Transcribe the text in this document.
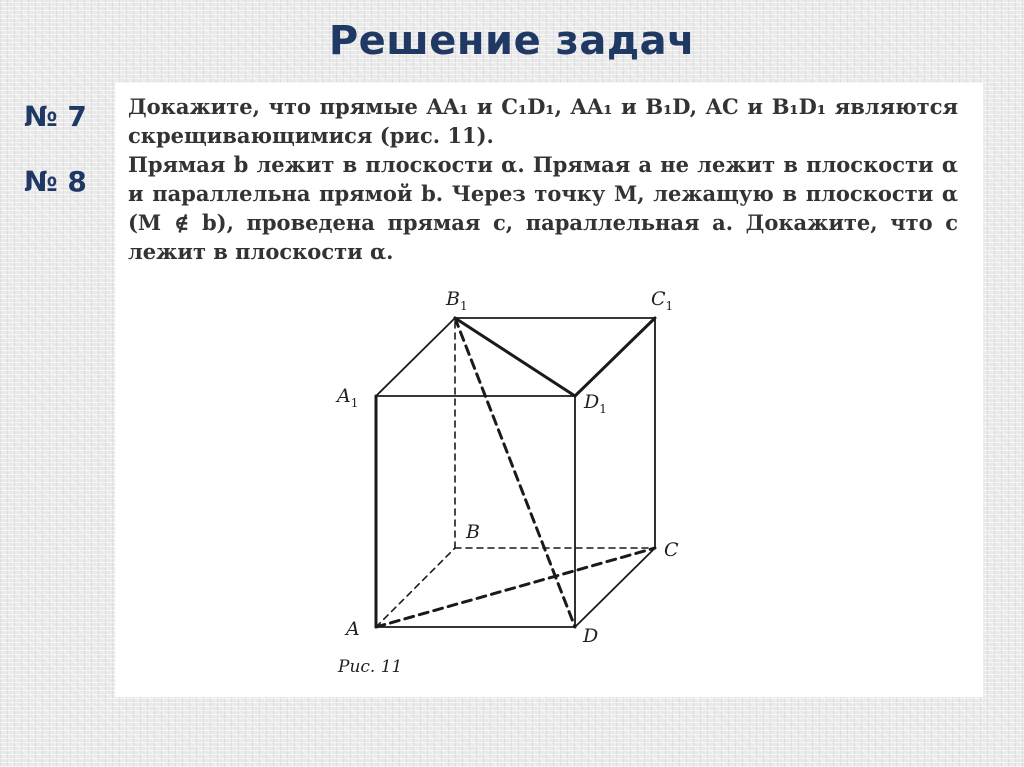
Решение задач
№ 7
№ 8

Докажите, что прямые AA₁ и C₁D₁, AA₁ и B₁D, AC и B₁D₁ являются скрещивающимися (рис. 11).

Прямая b лежит в плоскости α. Прямая a не лежит в плоскости α и параллельна прямой b. Через точку M, лежащую в плоскости α (M ∉ b), проведена прямая c, параллельная a. Докажите, что c лежит в плоскости α.

$B_1$	$C_1$
$A_1$	$D_1$
B
C
A	D
Рис. 11
